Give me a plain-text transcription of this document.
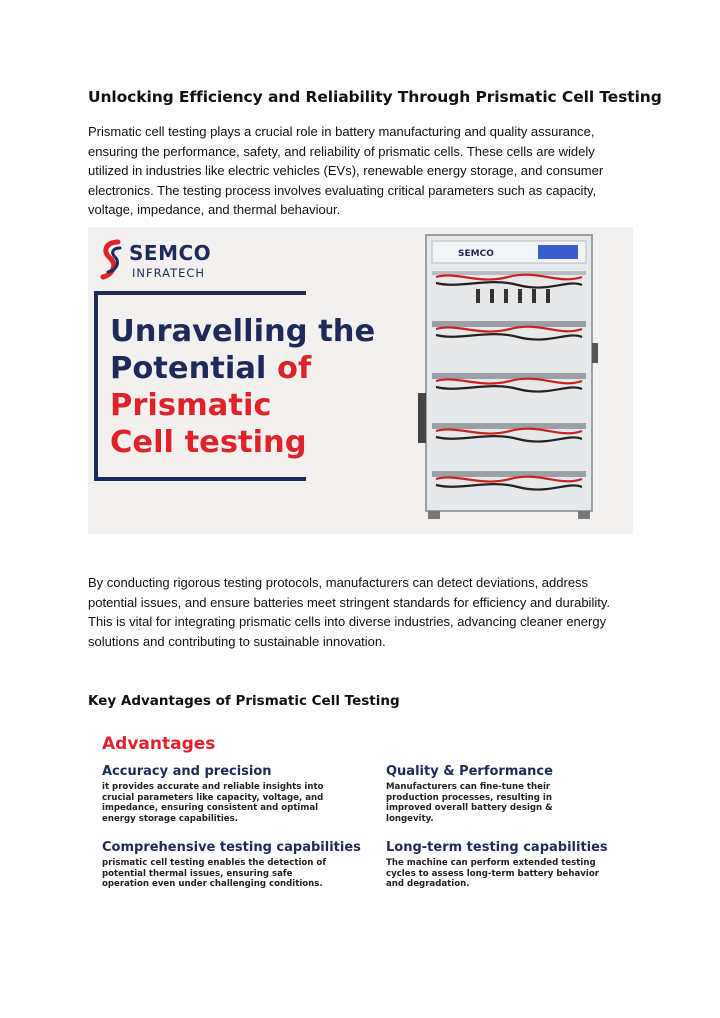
Unlocking Efficiency and Reliability Through Prismatic Cell Testing

Prismatic cell testing plays a crucial role in battery manufacturing and quality assurance, ensuring the performance, safety, and reliability of prismatic cells. These cells are widely utilized in industries like electric vehicles (EVs), renewable energy storage, and consumer electronics. The testing process involves evaluating critical parameters such as capacity, voltage, impedance, and thermal behaviour.

SEMCO
INFRATECH
Unravelling the
Potential of
Prismatic
Cell testing
SEMCO

By conducting rigorous testing protocols, manufacturers can detect deviations, address potential issues, and ensure batteries meet stringent standards for efficiency and durability. This is vital for integrating prismatic cells into diverse industries, advancing cleaner energy solutions and contributing to sustainable innovation.

Key Advantages of Prismatic Cell Testing
Advantages

Accuracy and precision

it provides accurate and reliable insights into crucial parameters like capacity, voltage, and impedance, ensuring consistent and optimal energy storage capabilities.

Quality & Performance

Manufacturers can fine-tune their production processes, resulting in improved overall battery design & longevity.

Comprehensive testing capabilities

prismatic cell testing enables the detection of potential thermal issues, ensuring safe operation even under challenging conditions.

Long-term testing capabilities

The machine can perform extended testing cycles to assess long-term battery behavior and degradation.
